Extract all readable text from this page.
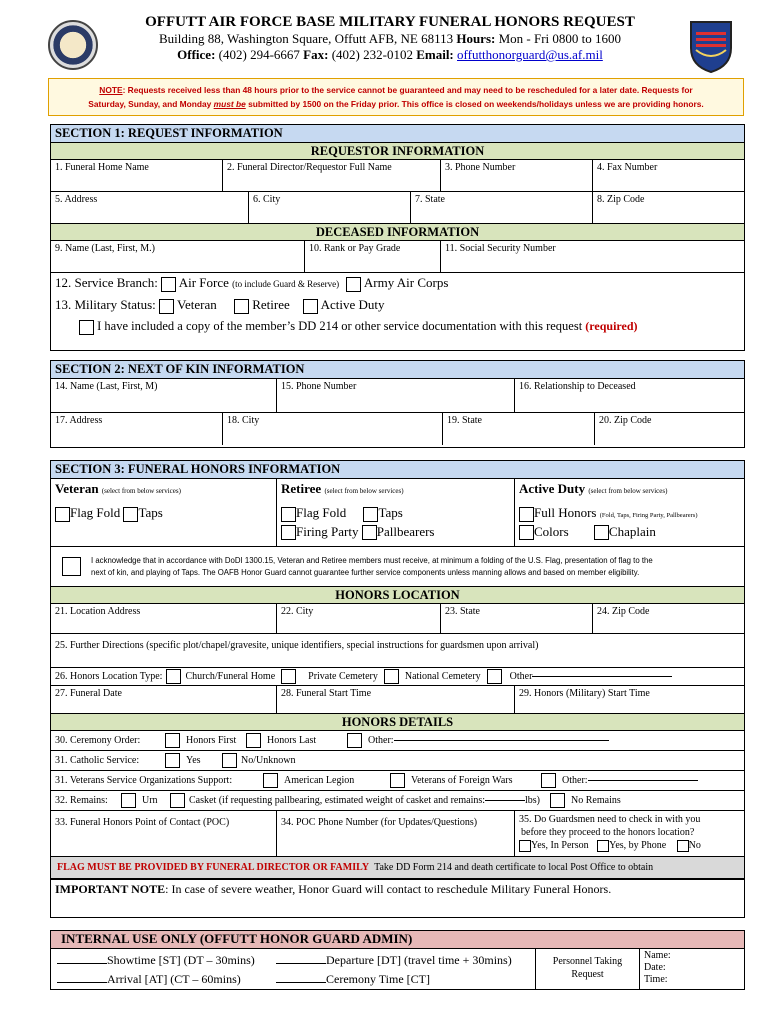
OFFUTT AIR FORCE BASE MILITARY FUNERAL HONORS REQUEST
Building 88, Washington Square, Offutt AFB, NE 68113 Hours: Mon - Fri 0800 to 1600
Office: (402) 294-6667 Fax: (402) 232-0102 Email: offutthonorguard@us.af.mil
NOTE: Requests received less than 48 hours prior to the service cannot be guaranteed and may need to be rescheduled for a later date. Requests for
Saturday, Sunday, and Monday must be submitted by 1500 on the Friday prior. This office is closed on weekends/holidays unless we are providing honors.
SECTION 1: REQUEST INFORMATION
REQUESTOR INFORMATION
1. Funeral Home Name	2. Funeral Director/Requestor Full Name	3. Phone Number	4. Fax Number
5. Address	6. City	7. State	8. Zip Code
DECEASED INFORMATION
9. Name (Last, First, M.)	10. Rank or Pay Grade	11. Social Security Number
12. Service Branch: Air Force (to include Guard & Reserve) Army Air Corps
13. Military Status: Veteran	Retiree Active Duty
I have included a copy of the member’s DD 214 or other service documentation with this request (required)
SECTION 2: NEXT OF KIN INFORMATION
14. Name (Last, First, M)	15. Phone Number	16. Relationship to Deceased
17. Address	18. City	19. State	20. Zip Code
SECTION 3: FUNERAL HONORS INFORMATION
Veteran (select from below services)
Flag Fold Taps
Retiree (select from below services)
Flag Fold Taps
Firing Party Pallbearers
Active Duty (select from below services)
Full Honors (Fold, Taps, Firing Party, Pallbearers)
Colors	Chaplain
I acknowledge that in accordance with DoDI 1300.15, Veteran and Retiree members must receive, at minimum a folding of the U.S. Flag, presentation of flag to the
next of kin, and playing of Taps. The OAFB Honor Guard cannot guarantee further service components unless manning allows and based on member eligibility.
HONORS LOCATION
21. Location Address	22. City	23. State	24. Zip Code
25. Further Directions (specific plot/chapel/gravesite, unique identifiers, special instructions for guardsmen upon arrival)
26. Honors Location Type: Church/Funeral Home	Private Cemetery	National Cemetery	Other
27. Funeral Date	28. Funeral Start Time	29. Honors (Military) Start Time
HONORS DETAILS
30. Ceremony Order:	Honors First	Honors Last	Other:
31. Catholic Service:	Yes	No/Unknown
31. Veterans Service Organizations Support:	American Legion	Veterans of Foreign Wars	Other:
32. Remains:	Urn	Casket (if requesting pallbearing, estimated weight of casket and remains:	lbs)	No Remains
33. Funeral Honors Point of Contact (POC)	34. POC Phone Number (for Updates/Questions)	35. Do Guardsmen need to check in with you
before they proceed to the honors location?
Yes, In Person Yes, by Phone No
FLAG MUST BE PROVIDED BY FUNERAL DIRECTOR OR FAMILY
Take DD Form 214 and death certificate to local Post Office to obtain
IMPORTANT NOTE : In case of severe weather, Honor Guard will contact to reschedule Military Funeral Honors.
INTERNAL USE ONLY (OFFUTT HONOR GUARD ADMIN)
Showtime [ST] (DT – 30mins)	Departure [DT] (travel time + 30mins)
Arrival [AT] (CT – 60mins)	Ceremony Time [CT]
Personnel Taking
Request
Name:
Date:
Time:
